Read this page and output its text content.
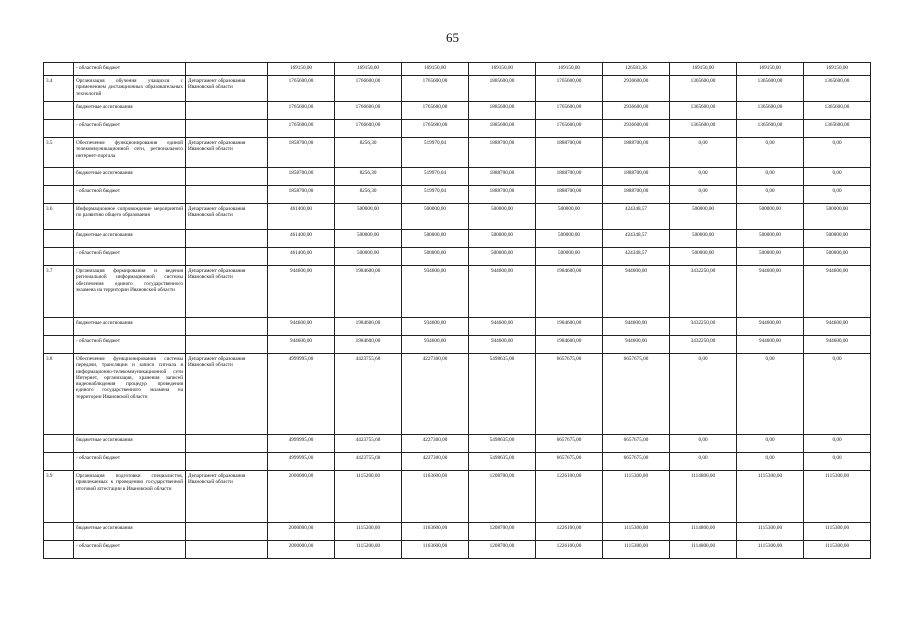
65
	- областной бюджет		169150,00	169150,00	169150,00	169150,00	169150,00	126583,36	169150,00	169150,00	169150,00
3.4	Организация обучения учащихся с применением дистанционных образовательных технологий	Департамент образования Ивановской области	1765600,00	1766600,00	1765600,00	1885600,00	1765600,00	2936600,00	1365600,00	1365600,00	1365600,00
	бюджетные ассигнования		1765600,00	1766600,00	1765600,00	1885600,00	1765600,00	2936600,00	1365600,00	1365600,00	1365600,00
	- областной бюджет		1765600,00	1766600,00	1765600,00	1885600,00	1765600,00	2936600,00	1365600,00	1365600,00	1365600,00
3.5	Обеспечение функционирования единой телекоммуникационной сети, регионального интернет-портала	Департамент образования Ивановской области	1858700,00	8256,30	519970,04	1888700,00	1888700,00	1888700,00	0,00	0,00	0,00
	бюджетные ассигнования		1858700,00	8256,30	519970,04	1888700,00	1888700,00	1888700,00	0,00	0,00	0,00
	- областной бюджет		1858700,00	8256,30	519970,04	1888700,00	1888700,00	1888700,00	0,00	0,00	0,00
3.6	Информационное сопровождение мероприятий по развитию общего образования	Департамент образования Ивановской области	461400,00	500000,00	500000,00	500000,00	500000,00	424348,57	500000,00	500000,00	500000,00
	бюджетные ассигнования		461400,00	500000,00	500000,00	500000,00	500000,00	424348,57	500000,00	500000,00	500000,00
	- областной бюджет		461400,00	500000,00	500000,00	500000,00	500000,00	424348,57	500000,00	500000,00	500000,00
3.7	Организация формирования и ведения региональной информационной системы обеспечения единого государственного экзамена на территории Ивановской области	Департамент образования Ивановской области	944600,00	1984600,00	934600,00	944600,00	1984600,00	944600,00	3432250,00	944600,00	944600,00
	бюджетные ассигнования		944600,00	1984600,00	934600,00	944600,00	1984600,00	944600,00	3432250,00	944600,00	944600,00
	- областной бюджет		944600,00	1984600,00	934600,00	944600,00	1984600,00	944600,00	3432250,00	944600,00	944600,00
3.8	Обеспечение функционирования системы передачи, трансляции и записи сигнала в информационно-телекоммуникационной сети Интернет, организация, хранения записей видеонаблюдения процедур проведения единого государственного экзамена на территории Ивановской области	Департамент образования Ивановской области	4999995,00	4423755,68	4227300,00	5498635,00	6657675,00	6657675,00	0,00	0,00	0,00
	бюджетные ассигнования		4999995,00	4423755,68	4227300,00	5498635,00	6657675,00	6657675,00	0,00	0,00	0,00
	- областной бюджет		4999995,00	4423755,68	4227300,00	5498635,00	6657675,00	6657675,00	0,00	0,00	0,00
3.9	Организация подготовки специалистов, привлекаемых к проведению государственной итоговой аттестации в Ивановской области	Департамент образования Ивановской области	2000000,00	1115200,00	1163600,00	1208700,00	1226100,00	1115300,00	1114800,00	1115300,00	1115300,00
	бюджетные ассигнования		2000000,00	1115200,00	1163600,00	1208700,00	1226100,00	1115300,00	1114800,00	1115300,00	1115300,00
	- областной бюджет		2000000,00	1115200,00	1163600,00	1208700,00	1226100,00	1115300,00	1114800,00	1115300,00	1115300,00
